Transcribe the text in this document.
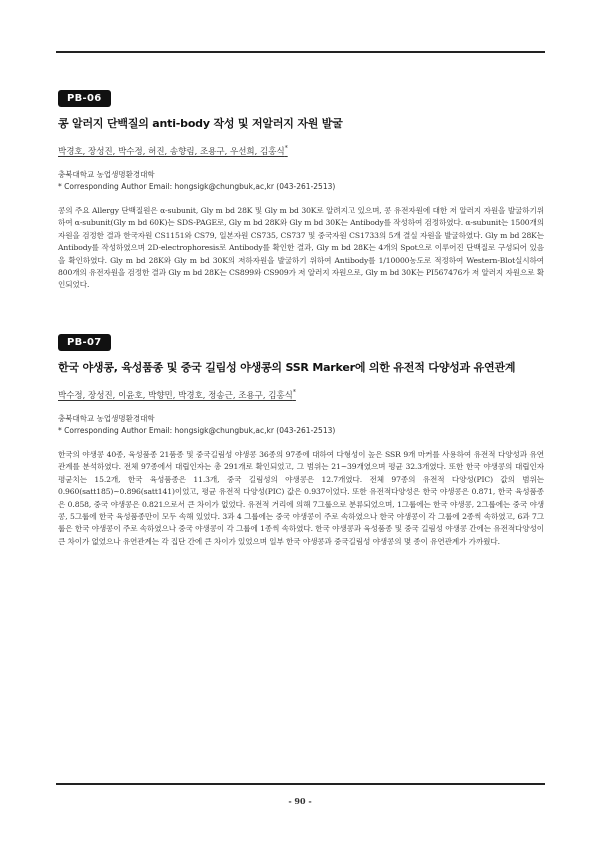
PB-06
콩 알러지 단백질의 anti-body 작성 및 저알러지 자원 발굴
박경호, 장성진, 박수정, 허진, 송향림, 조용구, 우선희, 김홍식*
충북대학교 농업생명환경대학
* Corresponding Author Email: hongsigk@chungbuk,ac,kr (043-261-2513)
콩의 주요 Allergy 단백질원은 α-subunit, Gly m bd 28K 및 Gly m bd 30K로 알려지고 있으며, 콩 유전자원에 대한 저 알러지 자원을 발굴하기위하여 α-subunit(Gly m bd 60K)는 SDS-PAGE로, Gly m bd 28K와 Gly m bd 30K는 Antibody를 작성하여 검정하였다. α-subunit는 1500개의 자원을 검정한 결과 한국자원 CS1151와 CS79, 일본자원 CS735, CS737 및 중국자원 CS1733의 5개 결실 자원을 발굴하였다. Gly m bd 28K는 Antibody를 작성하였으며 2D-electrophoresis로 Antibody를 확인한 결과, Gly m bd 28K는 4개의 Spot으로 이루어진 단백질로 구성되어 있음을 확인하였다. Gly m bd 28K와 Gly m bd 30K의 저하자원을 발굴하기 위하여 Antibody를 1/10000농도로 적정하여 Western-Blot실시하여 800개의 유전자원을 검정한 결과 Gly m bd 28K는 CS899와 CS909가 저 알러지 자원으로, Gly m bd 30K는 PI567476가 저 알러지 자원으로 확인되었다.
PB-07
한국 야생콩, 육성품종 및 중국 길림성 야생콩의 SSR Marker에 의한 유전적 다양성과 유연관계
박수정, 장성진, 이윤호, 박향민, 박경호, 정송근, 조용구, 김홍식*
충북대학교 농업생명환경대학
* Corresponding Author Email: hongsigk@chungbuk,ac,kr (043-261-2513)
한국의 야생콩 40종, 육성품종 21품종 및 중국길림성 야생콩 36종의 97종에 대하여 다형성이 높은 SSR 9개 마커를 사용하여 유전적 다양성과 유연관계를 분석하였다. 전체 97종에서 대립인자는 총 291개로 확인되었고, 그 범위는 21~39개였으며 평균 32.3개였다. 또한 한국 야생콩의 대립인자 평균치는 15.2개, 한국 육성품종은 11.3개, 중국 길림성의 야생콩은 12.7개였다. 전체 97종의 유전적 다양성(PIC) 값의 범위는0.960(satt185)~0.896(satt141)이었고, 평균 유전적 다양성(PIC) 값은 0.937이었다. 또한 유전적다양성은 한국 야생콩은 0.871, 한국 육성품종은 0.858, 중국 야생콩은 0.821으로서 큰 차이가 없었다. 유전적 거리에 의해 7그룹으로 분류되었으며, 1그룹에는 한국 야생콩, 2그룹에는 중국 야생콩, 5그룹에 한국 육성품종만이 모두 속해 있었다. 3과 4 그룹에는 중국 야생콩이 주로 속하였으나 한국 야생콩이 각 그룹에 2종씩 속하였고, 6과 7그룹은 한국 야생콩이 주로 속하였으나 중국 야생콩이 각 그룹에 1종씩 속하였다. 한국 야생콩과 육성품종 및 중국 길림성 야생콩 간에는 유전적다양성이 큰 차이가 없었으나 유연관계는 각 집단 간에 큰 차이가 있었으며 일부 한국 야생콩과 중국길림성 야생콩의 몇 종이 유연관계가 가까웠다.
- 90 -
